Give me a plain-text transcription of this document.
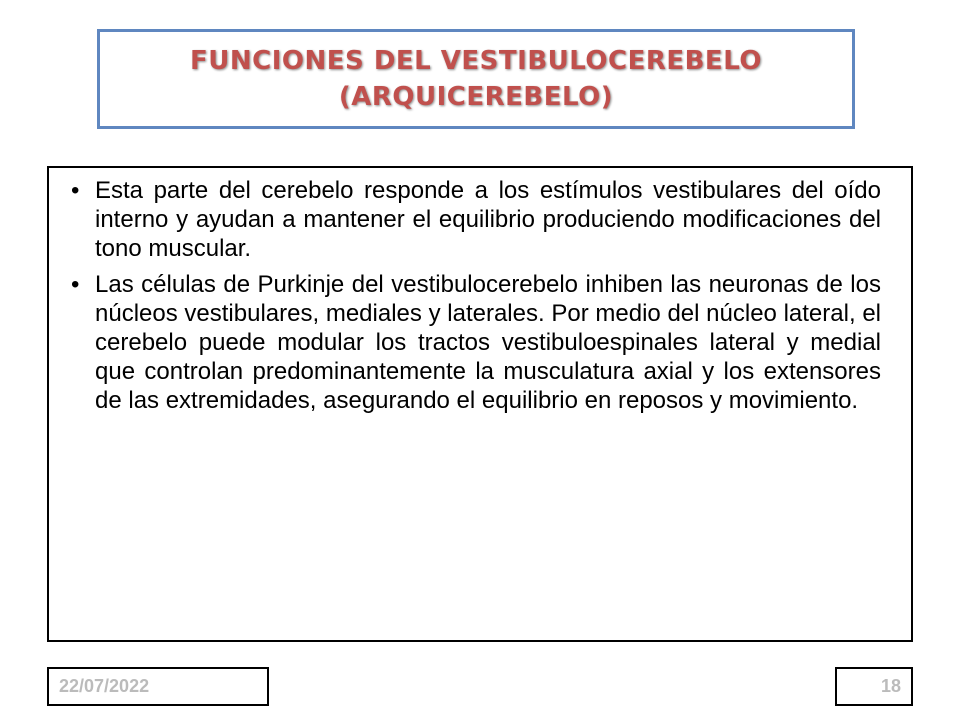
FUNCIONES DEL VESTIBULOCEREBELO
(ARQUICEREBELO)
• Esta parte del cerebelo responde a los estímulos vestibulares del oído interno y ayudan a mantener el equilibrio produciendo modificaciones del tono muscular.
• Las células de Purkinje del vestibulocerebelo inhiben las neuronas de los núcleos vestibulares, mediales y laterales. Por medio del núcleo lateral, el cerebelo puede modular los tractos vestibuloespinales lateral y medial que controlan predominantemente la musculatura axial y los extensores de las extremidades, asegurando el equilibrio en reposos y movimiento.
22/07/2022	18
